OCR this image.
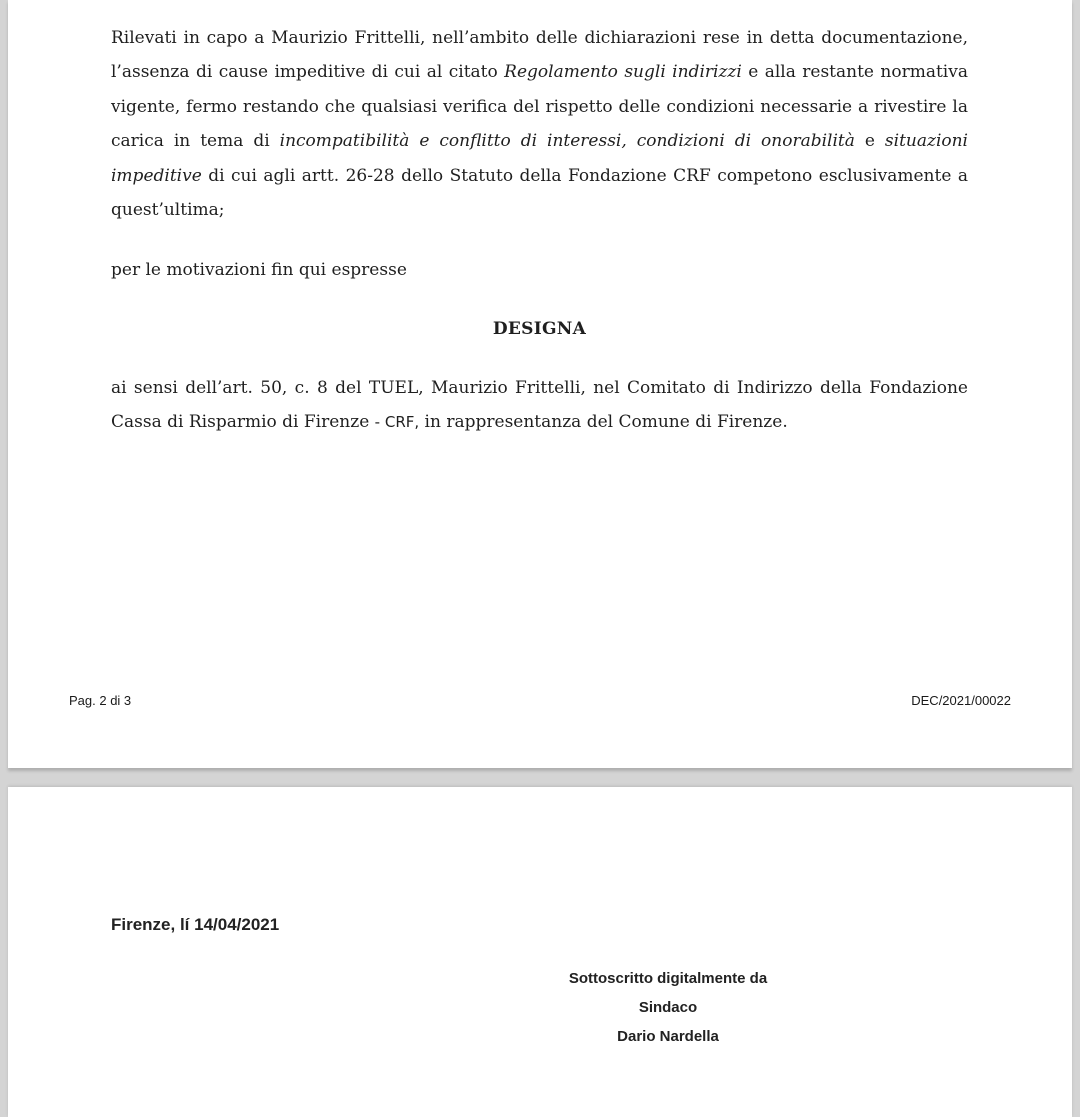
Rilevati in capo a Maurizio Frittelli, nell’ambito delle dichiarazioni rese in detta documentazione, l’assenza di cause impeditive di cui al citato Regolamento sugli indirizzi e alla restante normativa vigente, fermo restando che qualsiasi verifica del rispetto delle condizioni necessarie a rivestire la carica in tema di incompatibilità e conflitto di interessi, condizioni di onorabilità e situazioni impeditive di cui agli artt. 26-28 dello Statuto della Fondazione CRF competono esclusivamente a quest’ultima;

per le motivazioni fin qui espresse

DESIGNA

ai sensi dell’art. 50, c. 8 del TUEL, Maurizio Frittelli, nel Comitato di Indirizzo della Fondazione Cassa di Risparmio di Firenze - CRF, in rappresentanza del Comune di Firenze.

Pag. 2 di 3	DEC/2021/00022
Firenze, lí 14/04/2021
Sottoscritto digitalmente da
Sindaco
Dario Nardella
